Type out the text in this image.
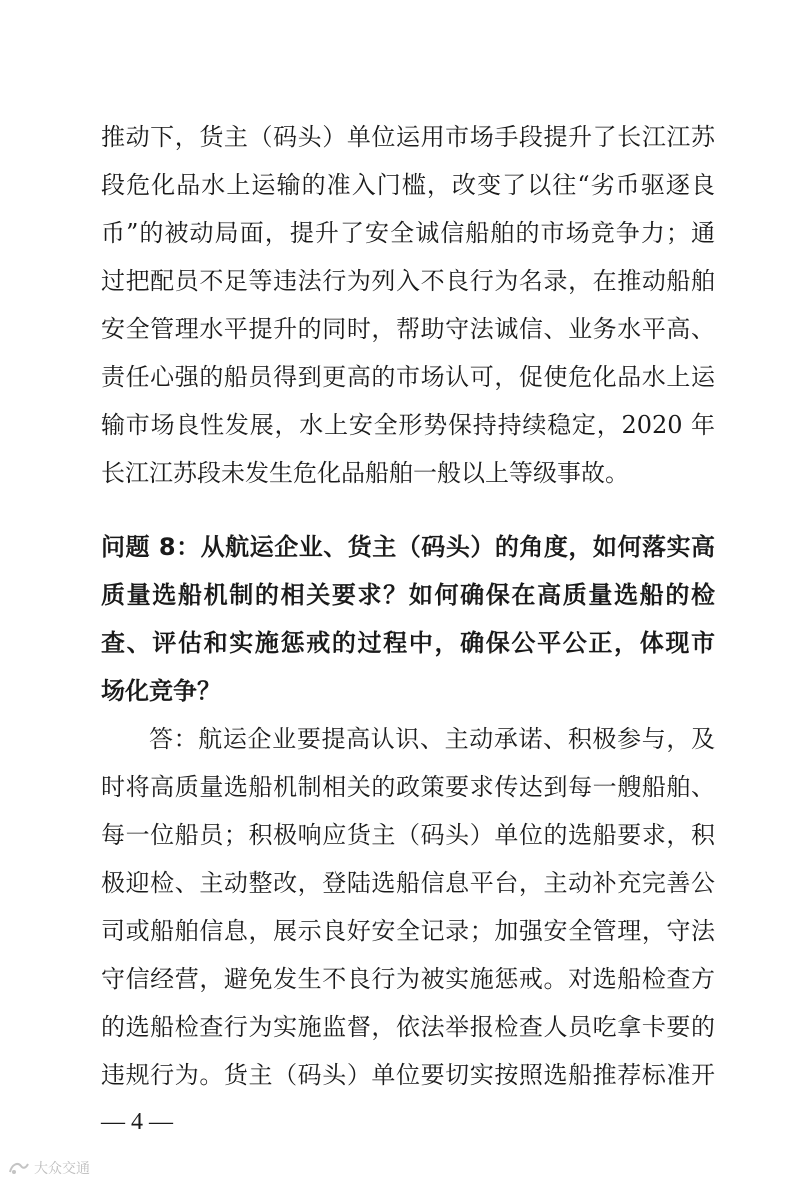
推动下，货主（码头）单位运用市场手段提升了长江江苏
段危化品水上运输的准入门槛，改变了以往“劣币驱逐良
币”的被动局面，提升了安全诚信船舶的市场竞争力；通
过把配员不足等违法行为列入不良行为名录，在推动船舶
安全管理水平提升的同时，帮助守法诚信、业务水平高、
责任心强的船员得到更高的市场认可，促使危化品水上运
输市场良性发展，水上安全形势保持持续稳定，2020 年
长江江苏段未发生危化品船舶一般以上等级事故。
问题 8：从航运企业、货主（码头）的角度，如何落实高
质量选船机制的相关要求？如何确保在高质量选船的检
查、评估和实施惩戒的过程中，确保公平公正，体现市
场化竞争？
答：航运企业要提高认识、主动承诺、积极参与，及
时将高质量选船机制相关的政策要求传达到每一艘船舶、
每一位船员；积极响应货主（码头）单位的选船要求，积
极迎检、主动整改，登陆选船信息平台，主动补充完善公
司或船舶信息，展示良好安全记录；加强安全管理，守法
守信经营，避免发生不良行为被实施惩戒。对选船检查方
的选船检查行为实施监督，依法举报检查人员吃拿卡要的
违规行为。货主（码头）单位要切实按照选船推荐标准开
— 4 —
大众交通
